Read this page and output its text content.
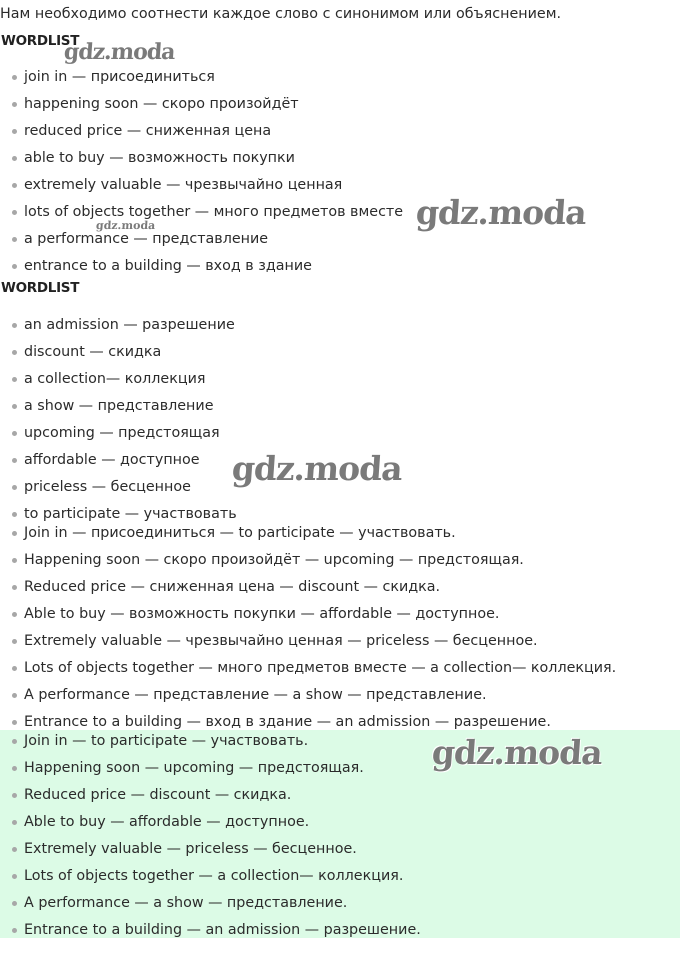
Нам необходимо соотнести каждое слово с синонимом или объяснением.
WORDLIST
join in — присоединиться
happening soon — скоро произойдёт
reduced price — сниженная цена
able to buy — возможность покупки
extremely valuable — чрезвычайно ценная
lots of objects together — много предметов вместе
a performance — представление
entrance to a building — вход в здание
WORDLIST
an admission — разрешение
discount — скидка
a collection— коллекция
a show — представление
upcoming — предстоящая
affordable — доступное
priceless — бесценное
to participate — участвовать
Join in — присоединиться — to participate — участвовать.
Happening soon — скоро произойдёт — upcoming — предстоящая.
Reduced price — сниженная цена — discount — скидка.
Able to buy — возможность покупки — affordable — доступное.
Extremely valuable — чрезвычайно ценная — priceless — бесценное.
Lots of objects together — много предметов вместе — a collection— коллекция.
A performance — представление — a show — представление.
Entrance to a building — вход в здание — an admission — разрешение.
Join in — to participate — участвовать.
Happening soon — upcoming — предстоящая.
Reduced price — discount — скидка.
Able to buy — affordable — доступное.
Extremely valuable — priceless — бесценное.
Lots of objects together — a collection— коллекция.
A performance — a show — представление.
Entrance to a building — an admission — разрешение.
gdz.moda
gdz.moda
gdz.moda
gdz.moda
gdz.moda
